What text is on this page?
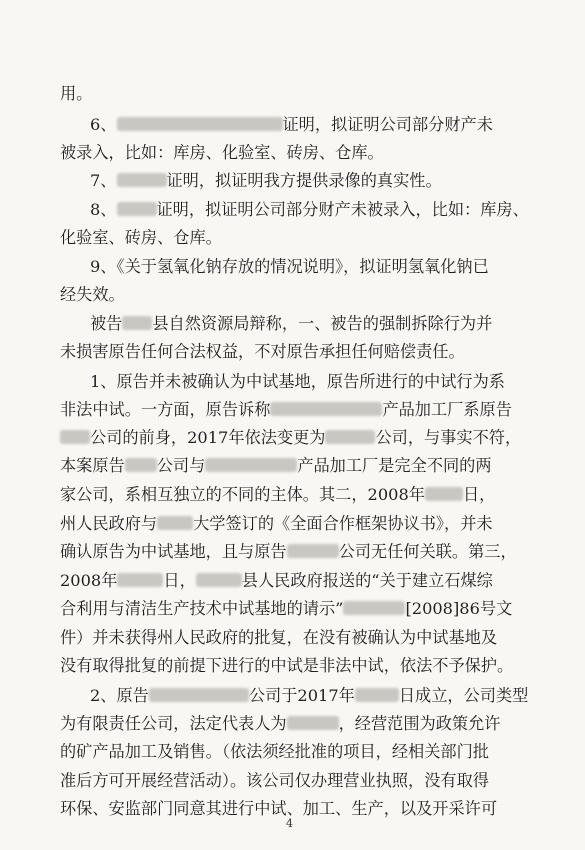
用。
6、	证明，拟证明公司部分财产未
被录入，比如：库房、化验室、砖房、仓库。
7、	证明，拟证明我方提供录像的真实性。
8、 证明，拟证明公司部分财产未被录入，比如：库房、
化验室、砖房、仓库。
9、《关于氢氧化钠存放的情况说明》，拟证明氢氧化钠已
经失效。
被告 县自然资源局辩称，一、被告的强制拆除行为并
未损害原告任何合法权益，不对原告承担任何赔偿责任。
1、原告并未被确认为中试基地，原告所进行的中试行为系
非法中试。一方面，原告诉称	产品加工厂系原告
公司的前身，2017年依法变更为	公司，与事实不符，
本案原告 公司与	产品加工厂是完全不同的两
家公司，系相互独立的不同的主体。其二，2008年 日，
州人民政府与 大学签订的《全面合作框架协议书》，并未
确认原告为中试基地，且与原告	公司无任何关联。第三，
2008年	日，	县人民政府报送的“关于建立石煤综
合利用与清洁生产技术中试基地的请示”	[2008]86号文
件）并未获得州人民政府的批复，在没有被确认为中试基地及
没有取得批复的前提下进行的中试是非法中试，依法不予保护。
2、原告	公司于2017年	日成立，公司类型
为有限责任公司，法定代表人为	，经营范围为政策允许
的矿产品加工及销售。（依法须经批准的项目，经相关部门批
准后方可开展经营活动）。该公司仅办理营业执照，没有取得
环保、安监部门同意其进行中试、加工、生产，以及开采许可
4
